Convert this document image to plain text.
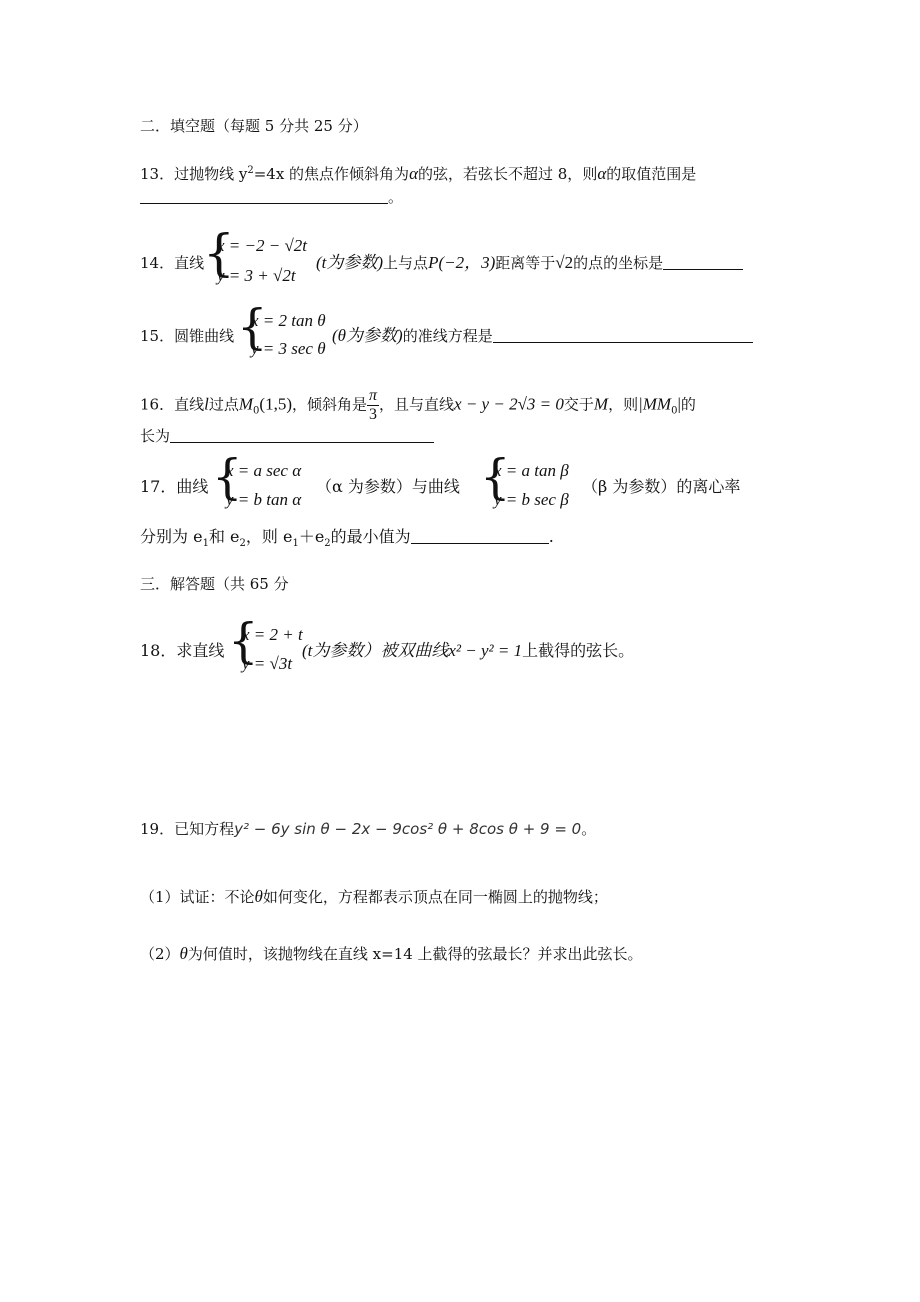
二．填空题（每题 5 分共 25 分）
13．过抛物线 $y^2=4x$ 的焦点作倾斜角为α的弦，若弦长不超过 8，则α的取值范围是
。
14．直线
{
x = −2 − √2t
y = 3 + √2t
(t为参数)上与点P(−2，3)距离等于√2的点的坐标是
15．圆锥曲线 {
x = 2 tan θ
y = 3 sec θ
(θ为参数)的准线方程是
16．直线l过点$M_0(1,5)$，倾斜角是 $\frac{\pi}{3}$ ，且与直线x − y − 2√3 = 0交于M，则$|MM_0|$的
长为
17．曲线 {
x = a sec α
y = b tan α
（α 为参数）与曲线 {
x = a tan β
y = b sec β
（β 为参数）的离心率
分别为 $e_1$和 $e_2$，则 $e_1+e_2$的最小值为	.
三．解答题（共 65 分
18．求直线 {
x = 2 + t
y = √3t
(t为参数）被双曲线x² − y² = 1上截得的弦长。
19．已知方程y² − 6y sin θ − 2x − 9cos² θ + 8cos θ + 9 = 0。
（1）试证：不论θ如何变化，方程都表示顶点在同一椭圆上的抛物线；
（2）θ为何值时，该抛物线在直线 x=14 上截得的弦最长？并求出此弦长。
